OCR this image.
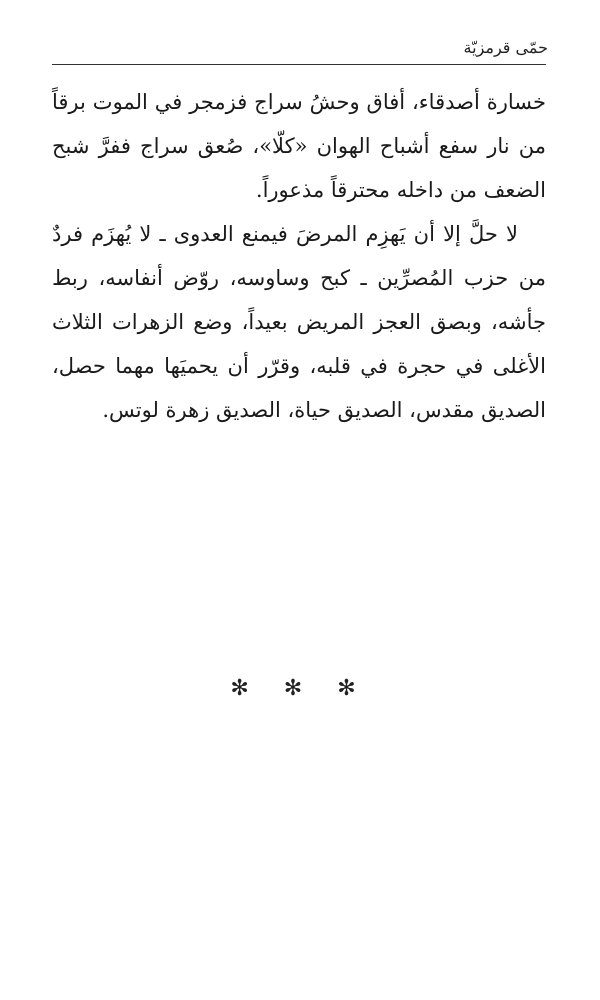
حمّى قرمزيّة

خسارة أصدقاء، أفاق وحشُ سراج فزمجر في الموت برقاً من نار سفع أشباح الهوان «كلّا»، صُعق سراج ففرَّ شبح الضعف من داخله محترقاً مذعوراً.

لا حلَّ إلا أن يَهزِم المرضَ فيمنع العدوى ـ لا يُهزَم فردٌ من حزب المُصرِّين ـ كبح وساوسه، روّض أنفاسه، ربط جأشه، وبصق العجز المريض بعيداً، وضع الزهرات الثلاث الأغلى في حجرة في قلبه، وقرّر أن يحميَها مهما حصل، الصديق مقدس، الصديق حياة، الصديق زهرة لوتس.

✻ ✻ ✻
